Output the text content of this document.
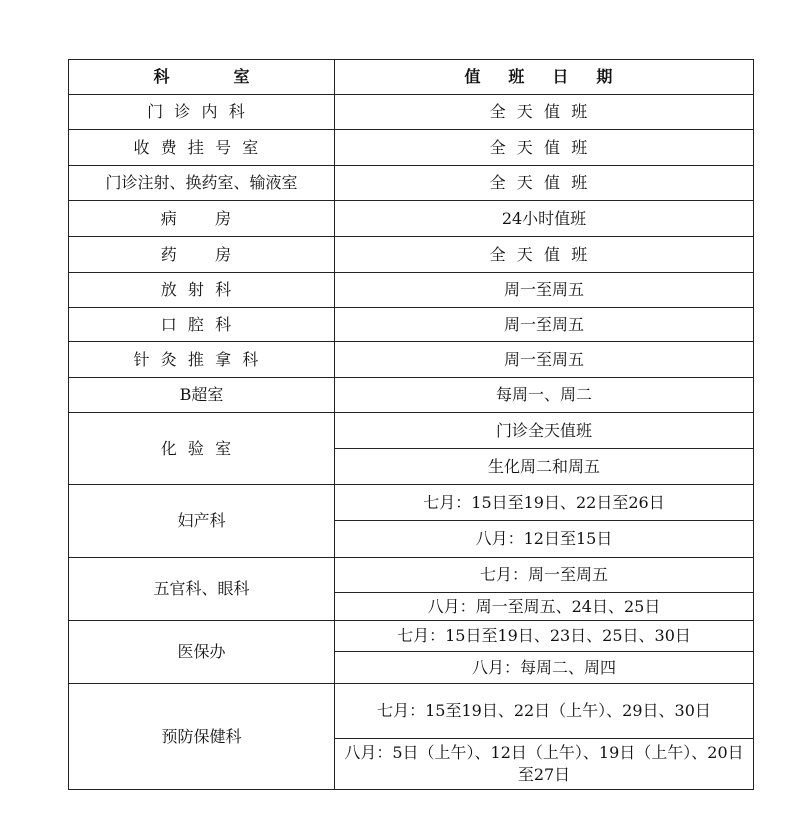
科　　　　室	值 班 日 期
门诊内科	全天值班
收费挂号室	全天值班
门诊注射、换药室、输液室	全天值班
病　房	24小时值班
药　房	全天值班
放射科	周一至周五
口腔科	周一至周五
针灸推拿科	周一至周五
B超室	每周一、周二
化验室	门诊全天值班
	生化周二和周五
妇产科	七月：15日至19日、22日至26日
	八月：12日至15日
五官科、眼科	七月：周一至周五
	八月：周一至周五、24日、25日
医保办	七月：15日至19日、23日、25日、30日
	八月：每周二、周四
预防保健科	七月：15至19日、22日（上午）、29日、30日
	八月：5日（上午）、12日（上午）、19日（上午）、20日至27日
